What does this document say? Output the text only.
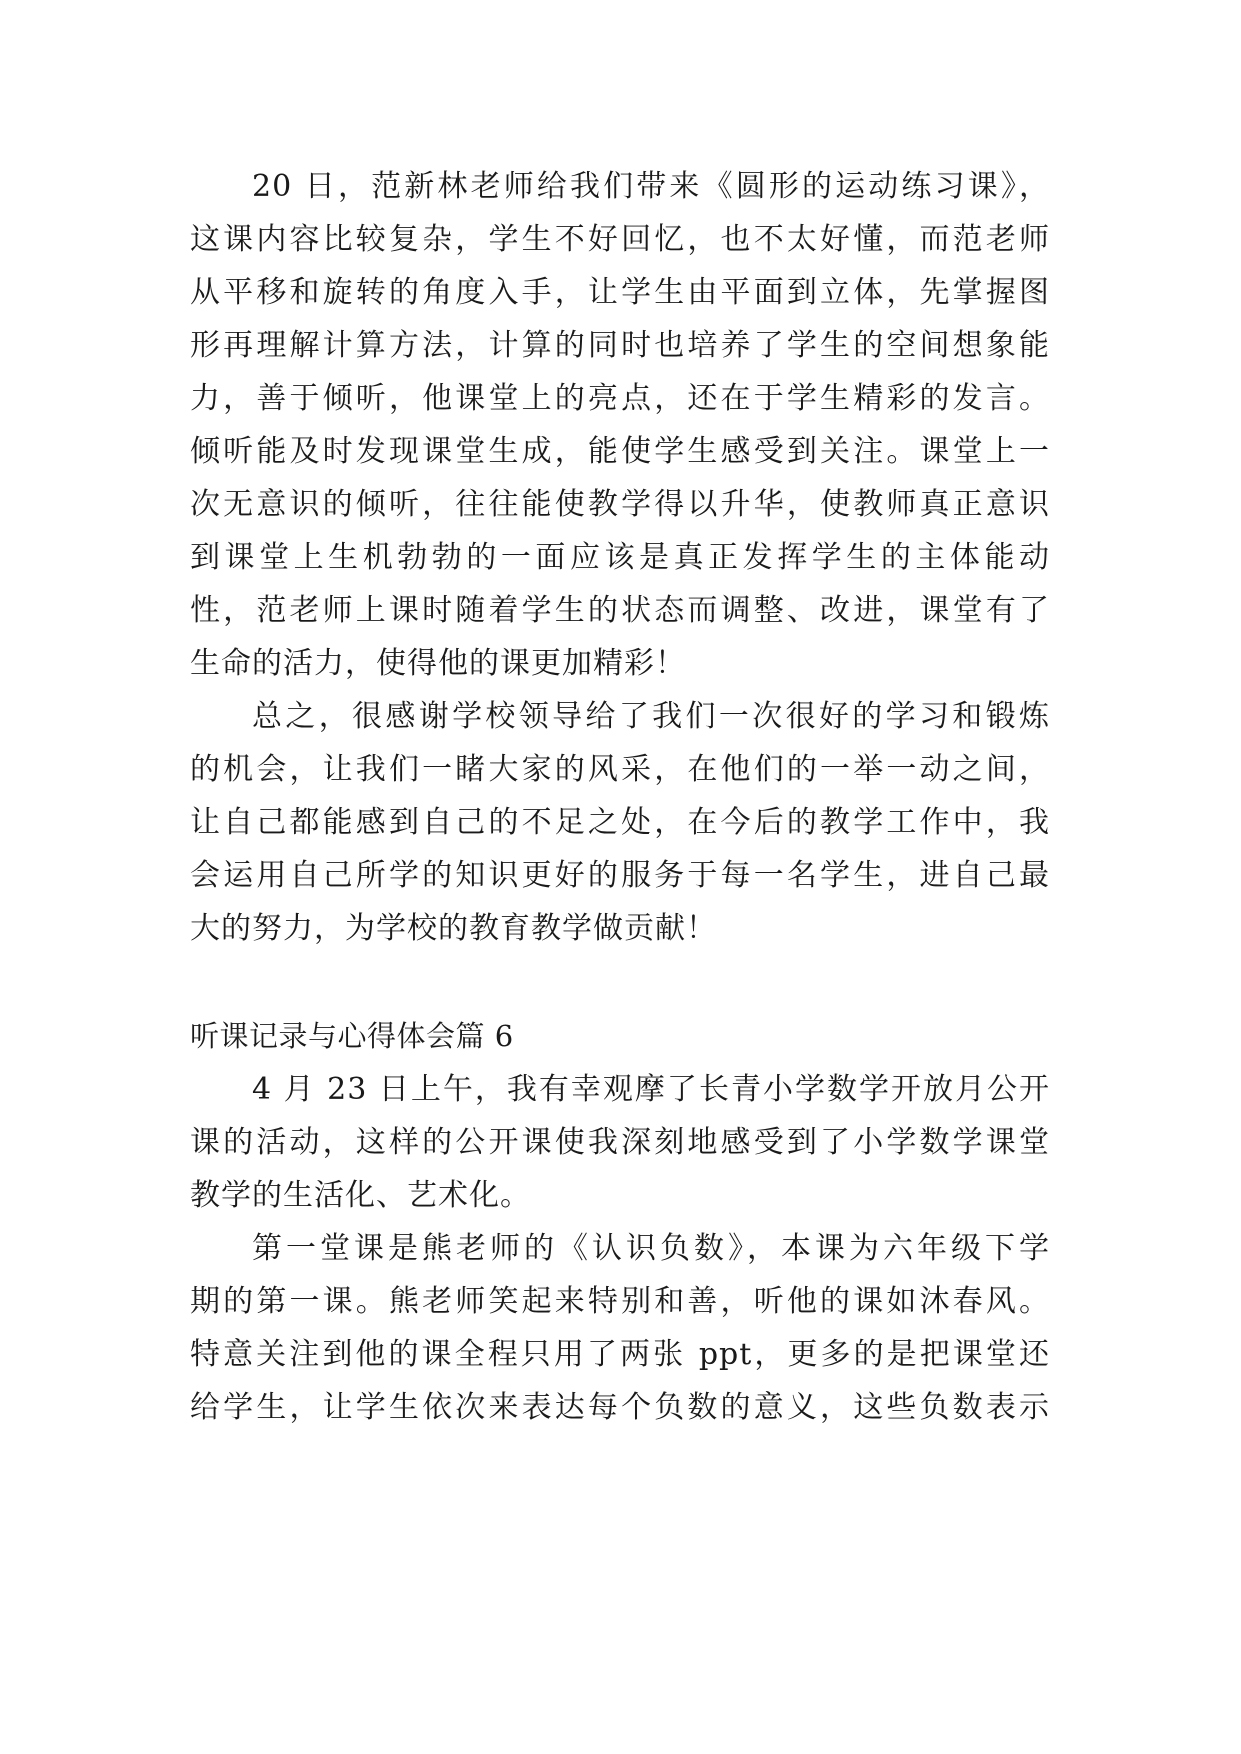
20 日，范新林老师给我们带来《圆形的运动练习课》，
这课内容比较复杂，学生不好回忆，也不太好懂，而范老师
从平移和旋转的角度入手，让学生由平面到立体，先掌握图
形再理解计算方法，计算的同时也培养了学生的空间想象能
力，善于倾听，他课堂上的亮点，还在于学生精彩的发言。
倾听能及时发现课堂生成，能使学生感受到关注。课堂上一
次无意识的倾听，往往能使教学得以升华，使教师真正意识
到课堂上生机勃勃的一面应该是真正发挥学生的主体能动
性，范老师上课时随着学生的状态而调整、改进，课堂有了
生命的活力，使得他的课更加精彩！
总之，很感谢学校领导给了我们一次很好的学习和锻炼
的机会，让我们一睹大家的风采，在他们的一举一动之间，
让自己都能感到自己的不足之处，在今后的教学工作中，我
会运用自己所学的知识更好的服务于每一名学生，进自己最
大的努力，为学校的教育教学做贡献！
听课记录与心得体会篇 6
4 月 23 日上午，我有幸观摩了长青小学数学开放月公开
课的活动，这样的公开课使我深刻地感受到了小学数学课堂
教学的生活化、艺术化。
第一堂课是熊老师的《认识负数》，本课为六年级下学
期的第一课。熊老师笑起来特别和善，听他的课如沐春风。
特意关注到他的课全程只用了两张 ppt，更多的是把课堂还
给学生，让学生依次来表达每个负数的意义，这些负数表示
